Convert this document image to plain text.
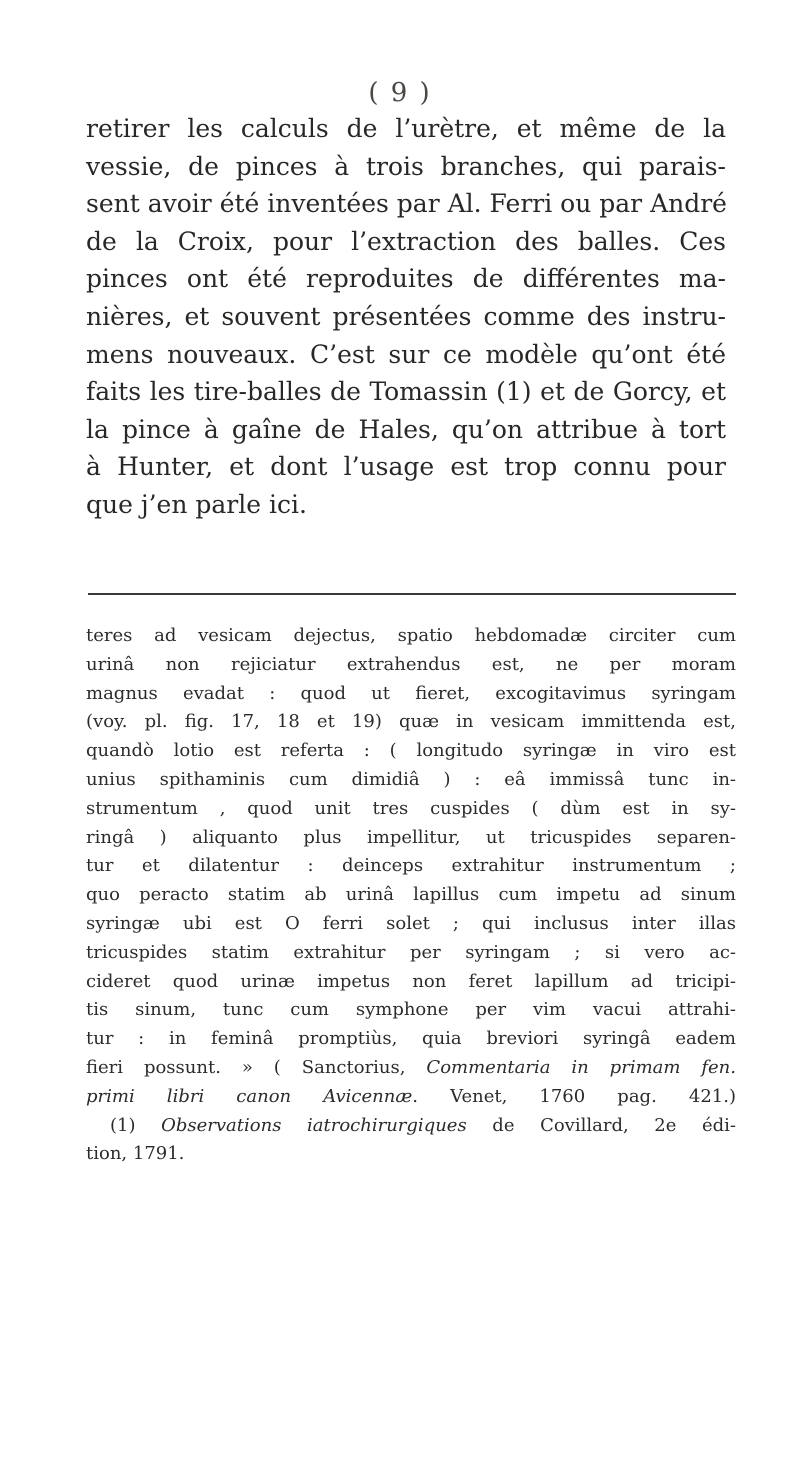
( 9 )
retirer les calculs de l’urètre, et même de la
vessie, de pinces à trois branches, qui parais-
sent avoir été inventées par Al. Ferri ou par André
de la Croix, pour l’extraction des balles. Ces
pinces ont été reproduites de différentes ma-
nières, et souvent présentées comme des instru-
mens nouveaux. C’est sur ce modèle qu’ont été
faits les tire-balles de Tomassin (1) et de Gorcy, et
la pince à gaîne de Hales, qu’on attribue à tort
à Hunter, et dont l’usage est trop connu pour
que j’en parle ici.
teres ad vesicam dejectus, spatio hebdomadæ circiter cum
urinâ non rejiciatur extrahendus est, ne per moram
magnus evadat : quod ut fieret, excogitavimus syringam
(voy. pl. fig. 17, 18 et 19) quæ in vesicam immittenda est,
quandò lotio est referta : ( longitudo syringæ in viro est
unius spithaminis cum dimidiâ ) : eâ immissâ tunc in-
strumentum , quod unit tres cuspides ( dùm est in sy-
ringâ ) aliquanto plus impellitur, ut tricuspides separen-
tur et dilatentur : deinceps extrahitur instrumentum ;
quo peracto statim ab urinâ lapillus cum impetu ad sinum
syringæ ubi est O ferri solet ; qui inclusus inter illas
tricuspides statim extrahitur per syringam ; si vero ac-
cideret quod urinæ impetus non feret lapillum ad tricipi-
tis sinum, tunc cum symphone per vim vacui attrahi-
tur : in feminâ promptiùs, quia breviori syringâ eadem
fieri possunt. » ( Sanctorius, Commentaria in primam fen.
primi libri canon Avicennæ. Venet, 1760 pag. 421.)
(1) Observations iatrochirurgiques de Covillard, 2e édi-
tion, 1791.
